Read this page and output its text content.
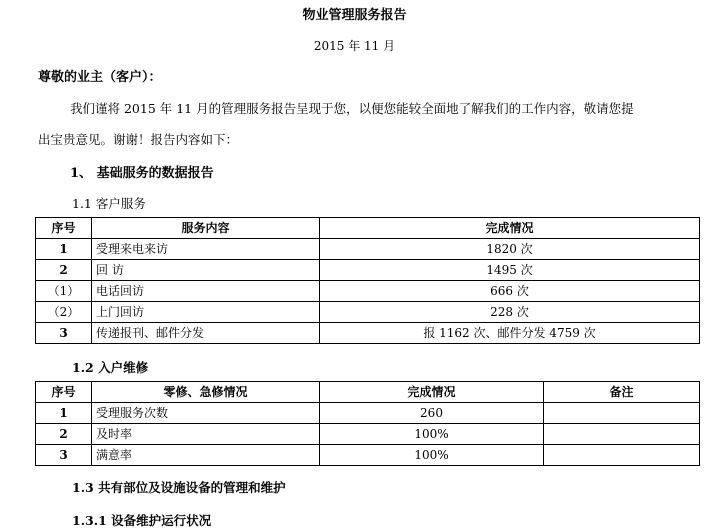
物业管理服务报告
2015 年 11 月
尊敬的业主（客户）：
我们谨将 2015 年 11 月的管理服务报告呈现于您，以便您能较全面地了解我们的工作内容，敬请您提
出宝贵意见。谢谢！报告内容如下：
1、 基础服务的数据报告
1.1 客户服务
序号	服务内容	完成情况
1	受理来电来访	1820 次
2	回 访	1495 次
（1）	电话回访	666 次
（2）	上门回访	228 次
3	传递报刊、邮件分发	报 1162 次、邮件分发 4759 次
1.2 入户维修
序号	零修、急修情况	完成情况	备注
1	受理服务次数	260	
2	及时率	100%	
3	满意率	100%	
1.3 共有部位及设施设备的管理和维护
1.3.1 设备维护运行状况
